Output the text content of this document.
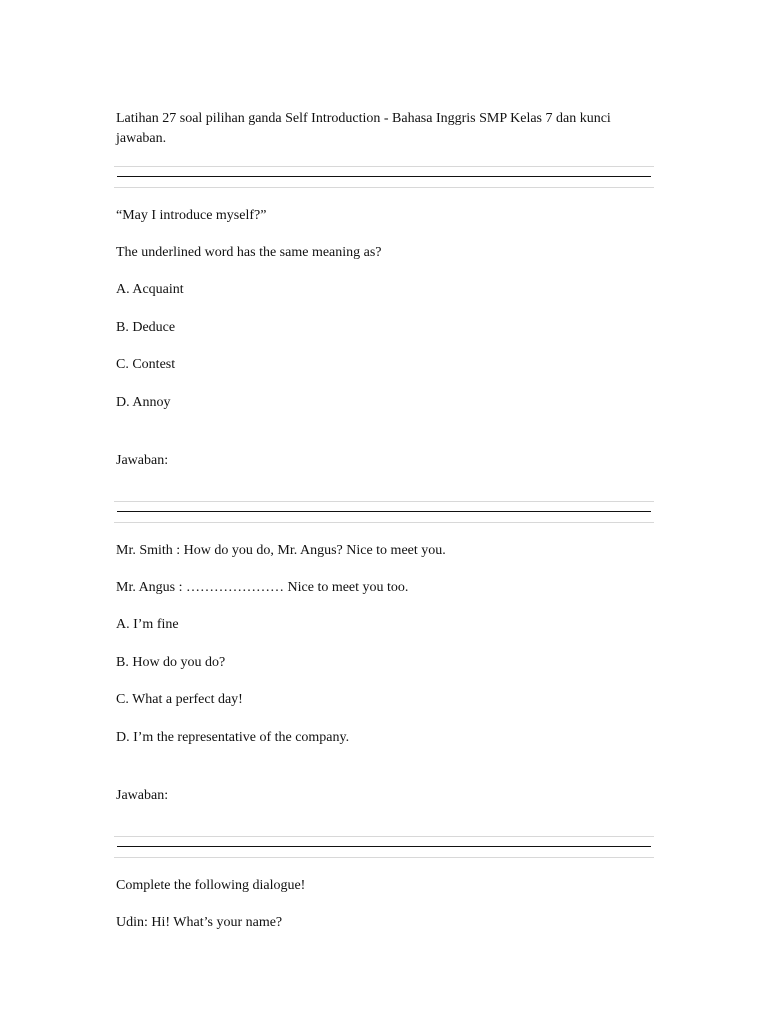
Latihan 27 soal pilihan ganda Self Introduction - Bahasa Inggris SMP Kelas 7 dan kunci jawaban.

“May I introduce myself?”

The underlined word has the same meaning as?

A. Acquaint

B. Deduce

C. Contest

D. Annoy

Jawaban:

Mr. Smith : How do you do, Mr. Angus? Nice to meet you.

Mr. Angus : ………………… Nice to meet you too.

A. I’m fine

B. How do you do?

C. What a perfect day!

D. I’m the representative of the company.

Jawaban:

Complete the following dialogue!

Udin: Hi! What’s your name?
